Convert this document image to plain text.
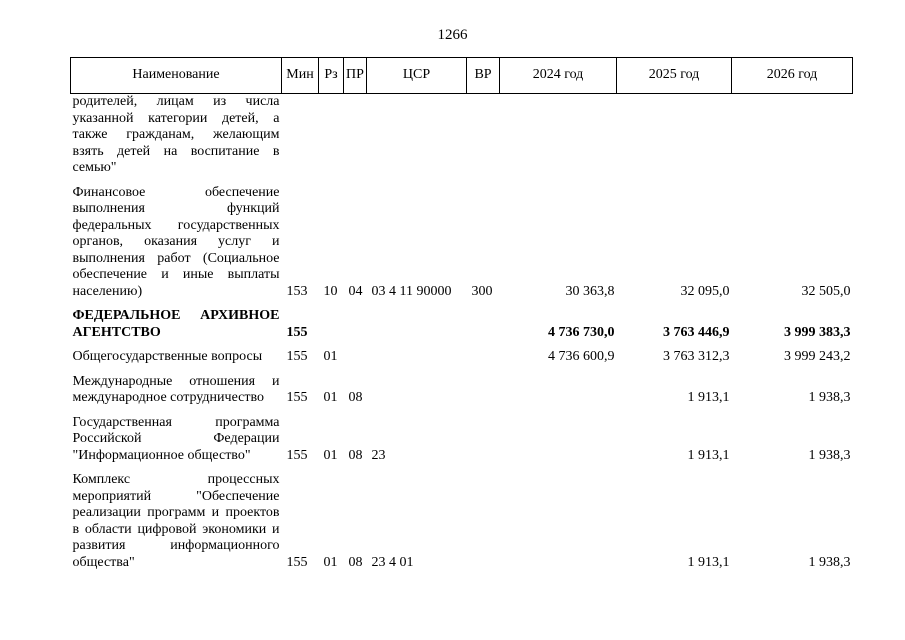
1266
Наименование	Мин	Рз	ПР	ЦСР	ВР	2024 год	2025 год	2026 год
родителей, лицам из числа указанной категории детей, а также гражданам, желающим взять детей на воспитание в семью"								
Финансовое обеспечение выполнения функций федеральных государственных органов, оказания услуг и выполнения работ (Социальное обеспечение и иные выплаты населению)	153	10	04	03 4 11 90000	300	30 363,8	32 095,0	32 505,0
ФЕДЕРАЛЬНОЕ АРХИВНОЕ АГЕНТСТВО	155					4 736 730,0	3 763 446,9	3 999 383,3
Общегосударственные вопросы	155	01				4 736 600,9	3 763 312,3	3 999 243,2
Международные отношения и международное сотрудничество	155	01	08				1 913,1	1 938,3
Государственная программа Российской Федерации "Информационное общество"	155	01	08	23			1 913,1	1 938,3
Комплекс процессных мероприятий "Обеспечение реализации программ и проектов в области цифровой экономики и развития информационного общества"	155	01	08	23 4 01			1 913,1	1 938,3
